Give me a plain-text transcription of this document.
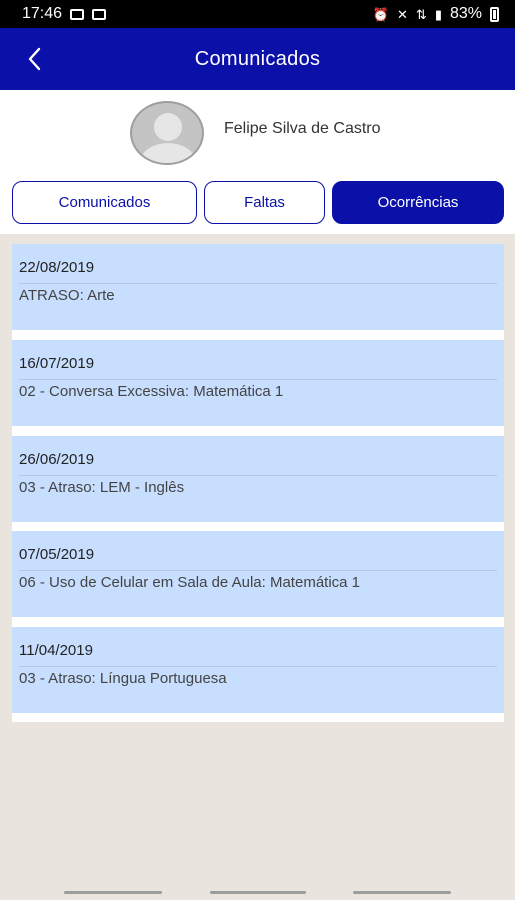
17:46	⏰ ✕ ⇅ ▮ 83%
Comunicados
Felipe Silva de Castro
Comunicados	Faltas	Ocorrências
22/08/2019
ATRASO: Arte
16/07/2019
02 - Conversa Excessiva: Matemática 1
26/06/2019
03 - Atraso: LEM - Inglês
07/05/2019
06 - Uso de Celular em Sala de Aula: Matemática 1
11/04/2019
03 - Atraso: Língua Portuguesa
